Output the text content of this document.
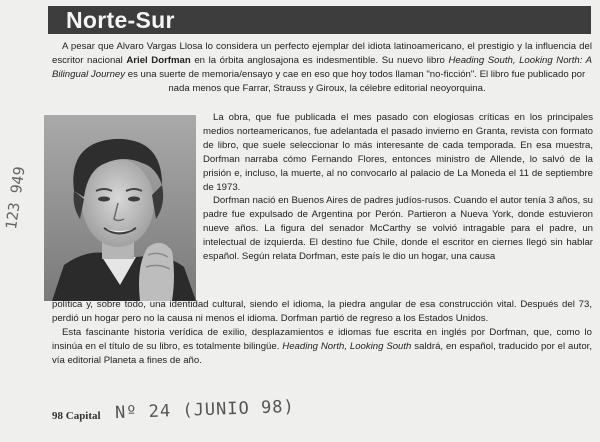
Norte-Sur
A pesar que Alvaro Vargas Llosa lo considera un perfecto ejemplar del idiota latinoamericano, el prestigio y la influencia del escritor nacional Ariel Dorfman en la órbita anglosajona es indesmentible. Su nuevo libro Heading South, Looking North: A Bilingual Journey es una suerte de memoria/ensayo y cae en eso que hoy todos llaman "no-ficción". El libro fue publicado por
nada menos que Farrar, Strauss y Giroux, la célebre editorial neoyorquina.

La obra, que fue publicada el mes pasado con elogiosas críticas en los principales medios norteamericanos, fue adelantada el pasado invierno en Granta, revista con formato de libro, que suele seleccionar lo más interesante de cada temporada. En esa muestra, Dorfman narraba cómo Fernando Flores, entonces ministro de Allende, lo salvó de la prisión e, incluso, la muerte, al no convocarlo al palacio de La Moneda el 11 de septiembre de 1973.

Dorfman nació en Buenos Aires de padres judíos-rusos. Cuando el autor tenía 3 años, su padre fue expulsado de Argentina por Perón. Partieron a Nueva York, donde estuvieron nueve años. La figura del senador McCarthy se volvió intragable para el padre, un intelectual de izquierda. El destino fue Chile, donde el escritor en ciernes llegó sin hablar español. Según relata Dorfman, este país le dio un hogar, una causa

política y, sobre todo, una identidad cultural, siendo el idioma, la piedra angular de esa construcción vital. Después del 73, perdió un hogar pero no la causa ni menos el idioma. Dorfman partió de regreso a los Estados Unidos.

Esta fascinante historia verídica de exilio, desplazamientos e idiomas fue escrita en inglés por Dorfman, que, como lo insinúa en el título de su libro, es totalmente bilingüe. Heading North, Looking South saldrá, en español, traducido por el autor, vía editorial Planeta a fines de año.

98 Capital Nº 24 (JUNIO 98)
123 949
